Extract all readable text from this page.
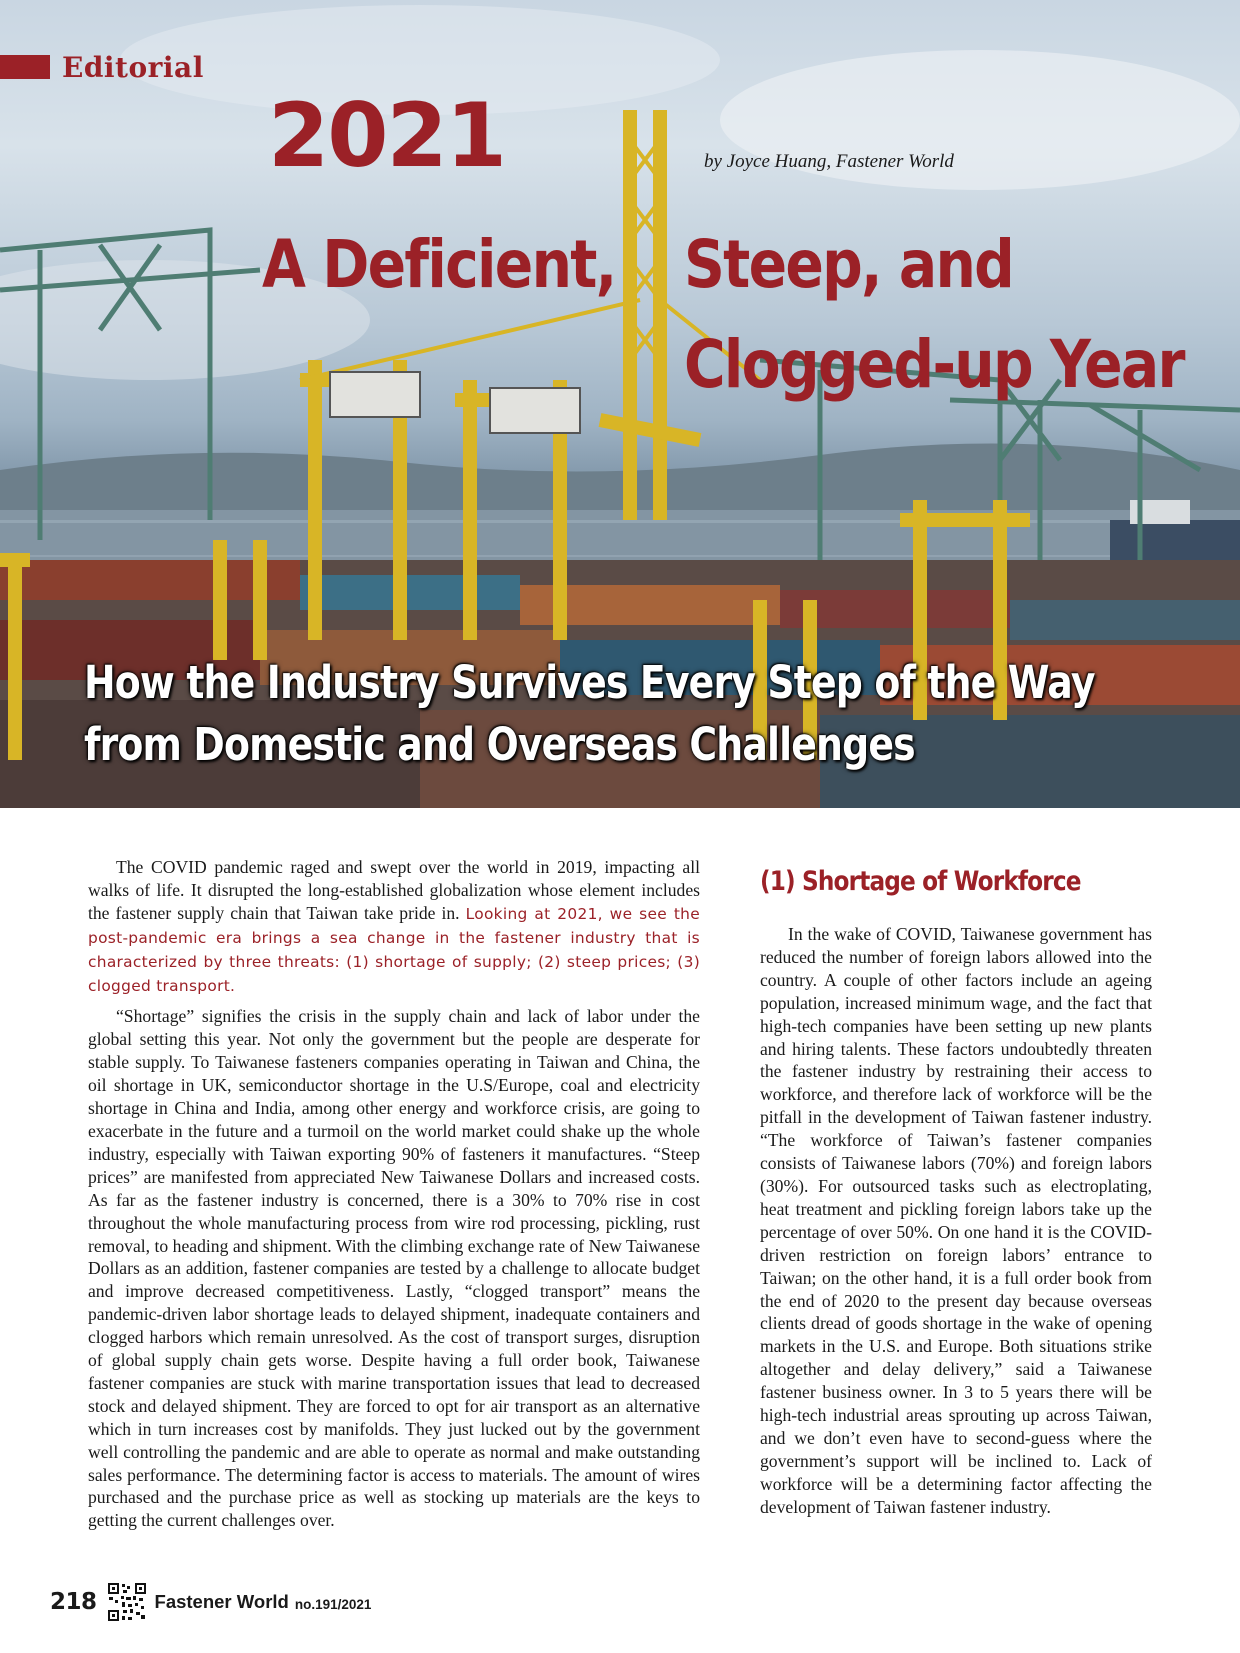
Editorial
2021	by Joyce Huang, Fastener World
A Deficient, Steep, and
Clogged-up Year
How the Industry Survives Every Step of the Way
from Domestic and Overseas Challenges

The COVID pandemic raged and swept over the world in 2019, impacting all walks of life. It disrupted the long-established globalization whose element includes the fastener supply chain that Taiwan take pride in. Looking at 2021, we see the post-pandemic era brings a sea change in the fastener industry that is characterized by three threats: (1) shortage of supply; (2) steep prices; (3) clogged transport.

“Shortage” signifies the crisis in the supply chain and lack of labor under the global setting this year. Not only the government but the people are desperate for stable supply. To Taiwanese fasteners companies operating in Taiwan and China, the oil shortage in UK, semiconductor shortage in the U.S/Europe, coal and electricity shortage in China and India, among other energy and workforce crisis, are going to exacerbate in the future and a turmoil on the world market could shake up the whole industry, especially with Taiwan exporting 90% of fasteners it manufactures. “Steep prices” are manifested from appreciated New Taiwanese Dollars and increased costs. As far as the fastener industry is concerned, there is a 30% to 70% rise in cost throughout the whole manufacturing process from wire rod processing, pickling, rust removal, to heading and shipment. With the climbing exchange rate of New Taiwanese Dollars as an addition, fastener companies are tested by a challenge to allocate budget and improve decreased competitiveness. Lastly, “clogged transport” means the pandemic-driven labor shortage leads to delayed shipment, inadequate containers and clogged harbors which remain unresolved. As the cost of transport surges, disruption of global supply chain gets worse. Despite having a full order book, Taiwanese fastener companies are stuck with marine transportation issues that lead to decreased stock and delayed shipment. They are forced to opt for air transport as an alternative which in turn increases cost by manifolds. They just lucked out by the government well controlling the pandemic and are able to operate as normal and make outstanding sales performance. The determining factor is access to materials. The amount of wires purchased and the purchase price as well as stocking up materials are the keys to getting the current challenges over.

(1) Shortage of Workforce

In the wake of COVID, Taiwanese government has reduced the number of foreign labors allowed into the country. A couple of other factors include an ageing population, increased minimum wage, and the fact that high-tech companies have been setting up new plants and hiring talents. These factors undoubtedly threaten the fastener industry by restraining their access to workforce, and therefore lack of workforce will be the pitfall in the development of Taiwan fastener industry. “The workforce of Taiwan’s fastener companies consists of Taiwanese labors (70%) and foreign labors (30%). For outsourced tasks such as electroplating, heat treatment and pickling foreign labors take up the percentage of over 50%. On one hand it is the COVID-driven restriction on foreign labors’ entrance to Taiwan; on the other hand, it is a full order book from the end of 2020 to the present day because overseas clients dread of goods shortage in the wake of opening markets in the U.S. and Europe. Both situations strike altogether and delay delivery,” said a Taiwanese fastener business owner. In 3 to 5 years there will be high-tech industrial areas sprouting up across Taiwan, and we don’t even have to second-guess where the government’s support will be inclined to. Lack of workforce will be a determining factor affecting the development of Taiwan fastener industry.

218	Fastener World no.191/2021
